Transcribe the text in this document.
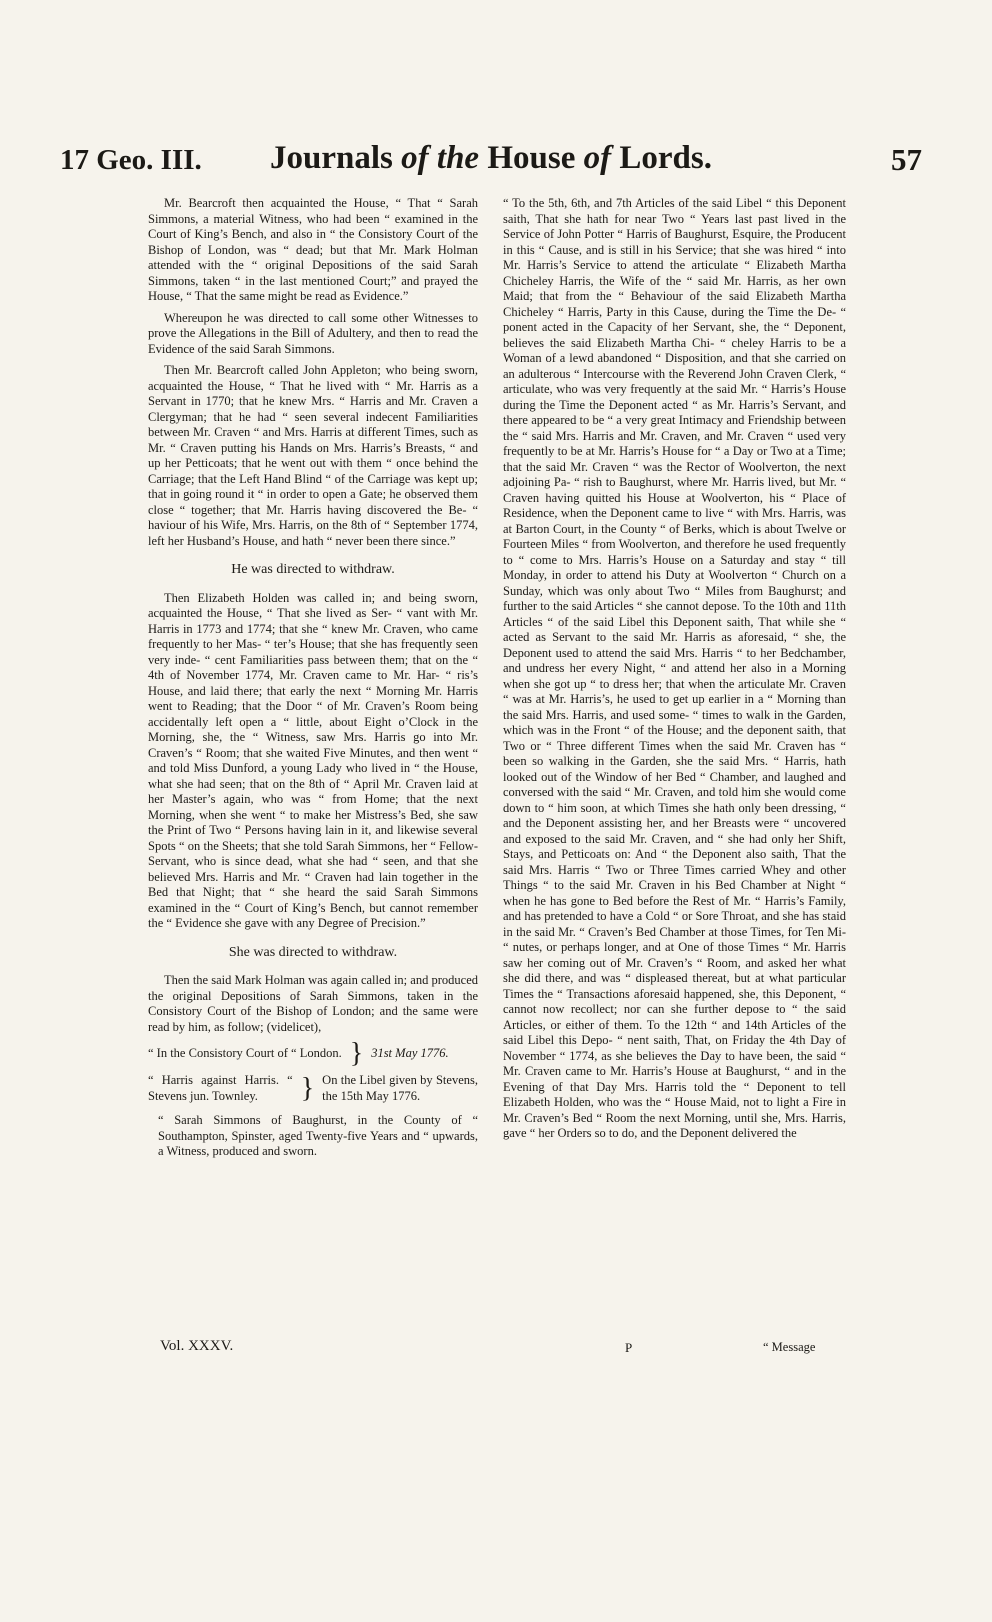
17 Geo. III.	Journals of the House of Lords.	57

Mr. Bearcroft then acquainted the House, “ That “ Sarah Simmons, a material Witness, who had been “ examined in the Court of King’s Bench, and also in “ the Consistory Court of the Bishop of London, was “ dead; but that Mr. Mark Holman attended with the “ original Depositions of the said Sarah Simmons, taken “ in the last mentioned Court;” and prayed the House, “ That the same might be read as Evidence.”

Whereupon he was directed to call some other Witnesses to prove the Allegations in the Bill of Adultery, and then to read the Evidence of the said Sarah Simmons.

Then Mr. Bearcroft called John Appleton; who being sworn, acquainted the House, “ That he lived with “ Mr. Harris as a Servant in 1770; that he knew Mrs. “ Harris and Mr. Craven a Clergyman; that he had “ seen several indecent Familiarities between Mr. Craven “ and Mrs. Harris at different Times, such as Mr. “ Craven putting his Hands on Mrs. Harris’s Breasts, “ and up her Petticoats; that he went out with them “ once behind the Carriage; that the Left Hand Blind “ of the Carriage was kept up; that in going round it “ in order to open a Gate; he observed them close “ together; that Mr. Harris having discovered the Be- “ haviour of his Wife, Mrs. Harris, on the 8th of “ September 1774, left her Husband’s House, and hath “ never been there since.”

He was directed to withdraw.

Then Elizabeth Holden was called in; and being sworn, acquainted the House, “ That she lived as Ser- “ vant with Mr. Harris in 1773 and 1774; that she “ knew Mr. Craven, who came frequently to her Mas- “ ter’s House; that she has frequently seen very inde- “ cent Familiarities pass between them; that on the “ 4th of November 1774, Mr. Craven came to Mr. Har- “ ris’s House, and laid there; that early the next “ Morning Mr. Harris went to Reading; that the Door “ of Mr. Craven’s Room being accidentally left open a “ little, about Eight o’Clock in the Morning, she, the “ Witness, saw Mrs. Harris go into Mr. Craven’s “ Room; that she waited Five Minutes, and then went “ and told Miss Dunford, a young Lady who lived in “ the House, what she had seen; that on the 8th of “ April Mr. Craven laid at her Master’s again, who was “ from Home; that the next Morning, when she went “ to make her Mistress’s Bed, she saw the Print of Two “ Persons having lain in it, and likewise several Spots “ on the Sheets; that she told Sarah Simmons, her “ Fellow-Servant, who is since dead, what she had “ seen, and that she believed Mrs. Harris and Mr. “ Craven had lain together in the Bed that Night; that “ she heard the said Sarah Simmons examined in the “ Court of King’s Bench, but cannot remember the “ Evidence she gave with any Degree of Precision.”

She was directed to withdraw.

Then the said Mark Holman was again called in; and produced the original Depositions of Sarah Simmons, taken in the Consistory Court of the Bishop of London; and the same were read by him, as follow; (videlicet),

“ In the Consistory Court of “ London. } 31st May 1776.
“ Harris against Harris. “ Stevens jun. Townley.	} On the Libel given by Stevens, the 15th May 1776.

“ Sarah Simmons of Baughurst, in the County of “ Southampton, Spinster, aged Twenty-five Years and “ upwards, a Witness, produced and sworn.

“ To the 5th, 6th, and 7th Articles of the said Libel “ this Deponent saith, That she hath for near Two “ Years last past lived in the Service of John Potter “ Harris of Baughurst, Esquire, the Producent in this “ Cause, and is still in his Service; that she was hired “ into Mr. Harris’s Service to attend the articulate “ Elizabeth Martha Chicheley Harris, the Wife of the “ said Mr. Harris, as her own Maid; that from the “ Behaviour of the said Elizabeth Martha Chicheley “ Harris, Party in this Cause, during the Time the De- “ ponent acted in the Capacity of her Servant, she, the “ Deponent, believes the said Elizabeth Martha Chi- “ cheley Harris to be a Woman of a lewd abandoned “ Disposition, and that she carried on an adulterous “ Intercourse with the Reverend John Craven Clerk, “ articulate, who was very frequently at the said Mr. “ Harris’s House during the Time the Deponent acted “ as Mr. Harris’s Servant, and there appeared to be “ a very great Intimacy and Friendship between the “ said Mrs. Harris and Mr. Craven, and Mr. Craven “ used very frequently to be at Mr. Harris’s House for “ a Day or Two at a Time; that the said Mr. Craven “ was the Rector of Woolverton, the next adjoining Pa- “ rish to Baughurst, where Mr. Harris lived, but Mr. “ Craven having quitted his House at Woolverton, his “ Place of Residence, when the Deponent came to live “ with Mrs. Harris, was at Barton Court, in the County “ of Berks, which is about Twelve or Fourteen Miles “ from Woolverton, and therefore he used frequently to “ come to Mrs. Harris’s House on a Saturday and stay “ till Monday, in order to attend his Duty at Woolverton “ Church on a Sunday, which was only about Two “ Miles from Baughurst; and further to the said Articles “ she cannot depose. To the 10th and 11th Articles “ of the said Libel this Deponent saith, That while she “ acted as Servant to the said Mr. Harris as aforesaid, “ she, the Deponent used to attend the said Mrs. Harris “ to her Bedchamber, and undress her every Night, “ and attend her also in a Morning when she got up “ to dress her; that when the articulate Mr. Craven “ was at Mr. Harris’s, he used to get up earlier in a “ Morning than the said Mrs. Harris, and used some- “ times to walk in the Garden, which was in the Front “ of the House; and the deponent saith, that Two or “ Three different Times when the said Mr. Craven has “ been so walking in the Garden, she the said Mrs. “ Harris, hath looked out of the Window of her Bed “ Chamber, and laughed and conversed with the said “ Mr. Craven, and told him she would come down to “ him soon, at which Times she hath only been dressing, “ and the Deponent assisting her, and her Breasts were “ uncovered and exposed to the said Mr. Craven, and “ she had only her Shift, Stays, and Petticoats on: And “ the Deponent also saith, That the said Mrs. Harris “ Two or Three Times carried Whey and other Things “ to the said Mr. Craven in his Bed Chamber at Night “ when he has gone to Bed before the Rest of Mr. “ Harris’s Family, and has pretended to have a Cold “ or Sore Throat, and she has staid in the said Mr. “ Craven’s Bed Chamber at those Times, for Ten Mi- “ nutes, or perhaps longer, and at One of those Times “ Mr. Harris saw her coming out of Mr. Craven’s “ Room, and asked her what she did there, and was “ displeased thereat, but at what particular Times the “ Transactions aforesaid happened, she, this Deponent, “ cannot now recollect; nor can she further depose to “ the said Articles, or either of them. To the 12th “ and 14th Articles of the said Libel this Depo- “ nent saith, That, on Friday the 4th Day of November “ 1774, as she believes the Day to have been, the said “ Mr. Craven came to Mr. Harris’s House at Baughurst, “ and in the Evening of that Day Mrs. Harris told the “ Deponent to tell Elizabeth Holden, who was the “ House Maid, not to light a Fire in Mr. Craven’s Bed “ Room the next Morning, until she, Mrs. Harris, gave “ her Orders so to do, and the Deponent delivered the

Vol. XXXV.	P	“ Message
